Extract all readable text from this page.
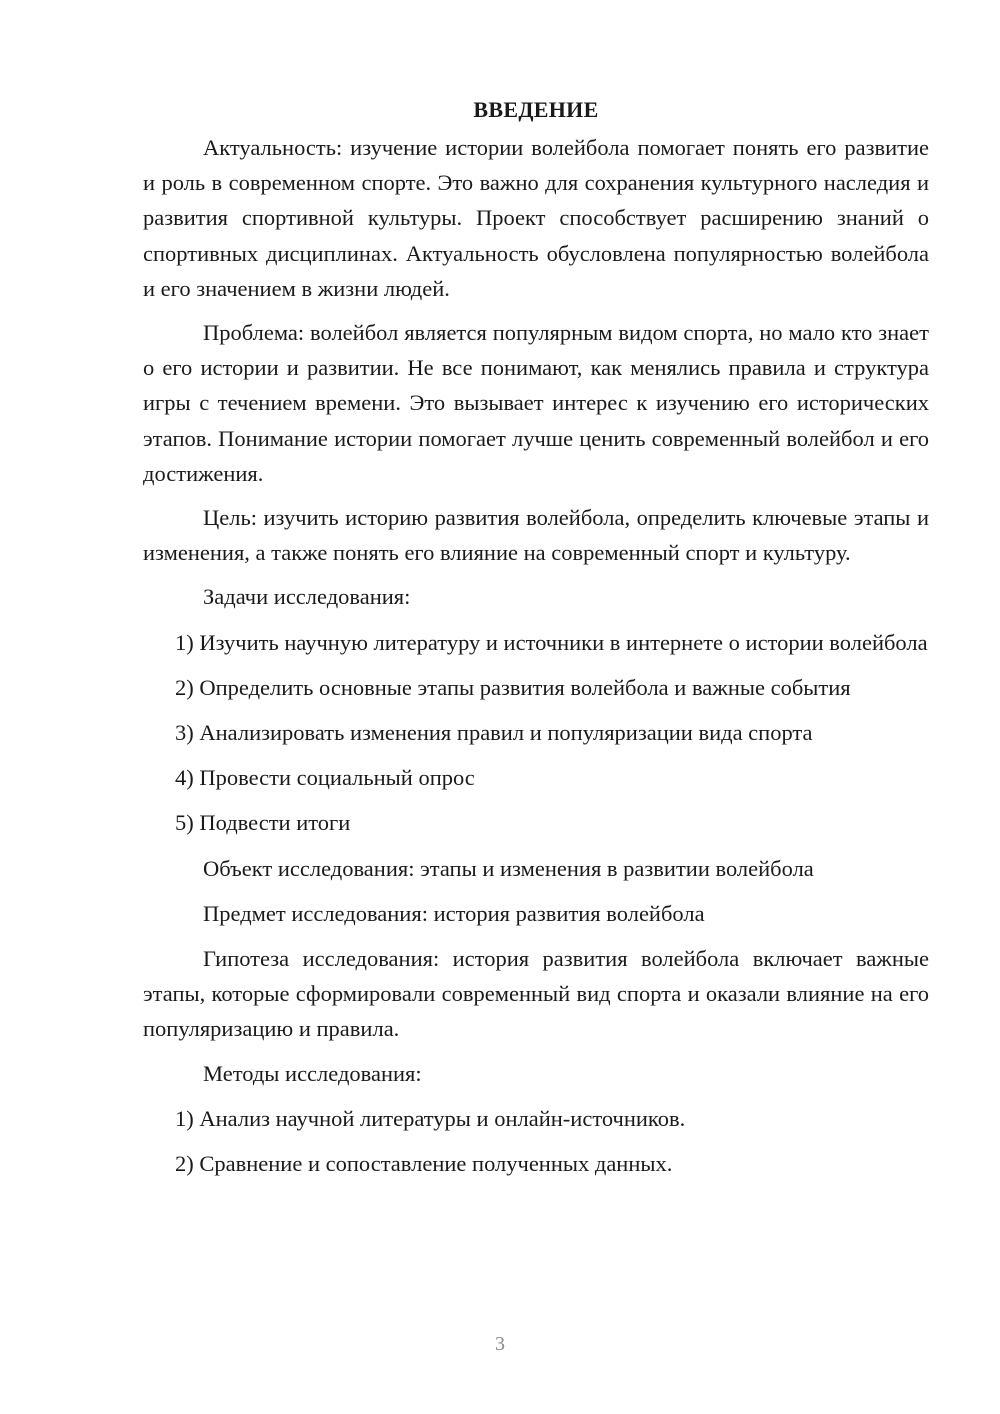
ВВЕДЕНИЕ

Актуальность: изучение истории волейбола помогает понять его развитие и роль в современном спорте. Это важно для сохранения культурного наследия и развития спортивной культуры. Проект способствует расширению знаний о спортивных дисциплинах. Актуальность обусловлена популярностью волейбола и его значением в жизни людей.

Проблема: волейбол является популярным видом спорта, но мало кто знает о его истории и развитии. Не все понимают, как менялись правила и структура игры с течением времени. Это вызывает интерес к изучению его исторических этапов. Понимание истории помогает лучше ценить современный волейбол и его достижения.

Цель: изучить историю развития волейбола, определить ключевые этапы и изменения, а также понять его влияние на современный спорт и культуру.

Задачи исследования:

1) Изучить научную литературу и источники в интернете о истории волейбола

2) Определить основные этапы развития волейбола и важные события

3) Анализировать изменения правил и популяризации вида спорта

4) Провести социальный опрос

5) Подвести итоги

Объект исследования: этапы и изменения в развитии волейбола

Предмет исследования: история развития волейбола

Гипотеза исследования: история развития волейбола включает важные этапы, которые сформировали современный вид спорта и оказали влияние на его популяризацию и правила.

Методы исследования:

1) Анализ научной литературы и онлайн-источников.

2) Сравнение и сопоставление полученных данных.

3
